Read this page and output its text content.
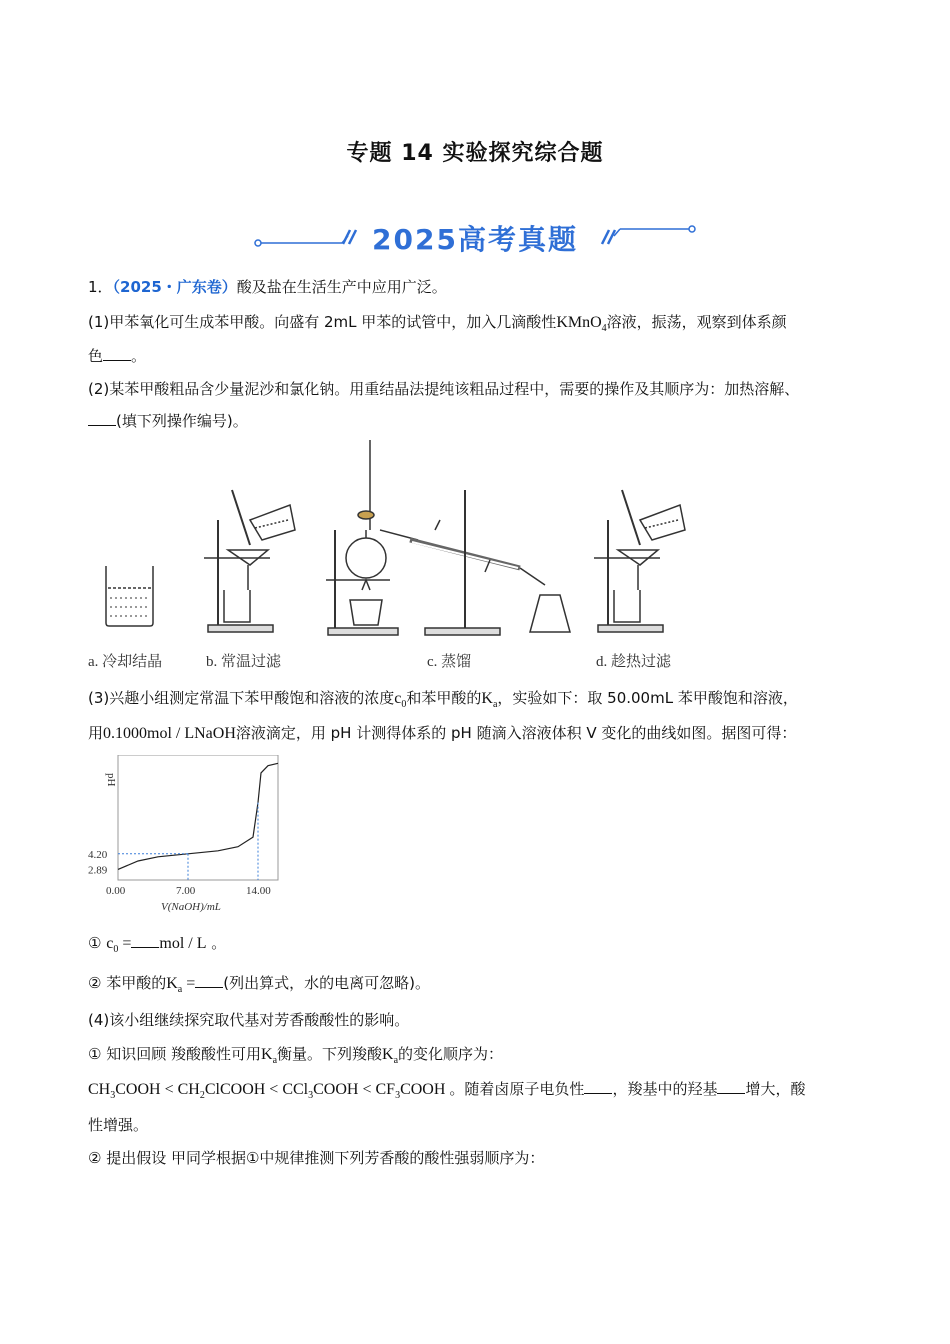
专题 14 实验探究综合题
2025高考真题
1．（2025・广东卷）酸及盐在生活生产中应用广泛。
(1)甲苯氧化可生成苯甲酸。向盛有 2mL 甲苯的试管中，加入几滴酸性KMnO$_4$溶液，振荡，观察到体系颜
色 。
(2)某苯甲酸粗品含少量泥沙和氯化钠。用重结晶法提纯该粗品过程中，需要的操作及其顺序为：加热溶解、
(填下列操作编号)。
a. 冷却结晶	b. 常温过滤	c. 蒸馏	d. 趁热过滤
(3)兴趣小组测定常温下苯甲酸饱和溶液的浓度$c_0$和苯甲酸的$K_a$，实验如下：取 50.00mL 苯甲酸饱和溶液，
用0.1000mol / LNaOH溶液滴定，用 pH 计测得体系的 pH 随滴入溶液体积 V 变化的曲线如图。据图可得：
pH
0.00	7.00	14.00
2.89
4.20
V(NaOH)/mL
① $c_0$ = mol / L 。
② 苯甲酸的$K_a$ = (列出算式，水的电离可忽略)。
(4)该小组继续探究取代基对芳香酸酸性的影响。
① 知识回顾 羧酸酸性可用$K_a$衡量。下列羧酸$K_a$的变化顺序为：
$CH_3COOH$ < $CH_2ClCOOH$ < CCl$_3$COOH < $CF_3COOH$ 。随着卤原子电负性 ，羧基中的羟基 增大，酸
性增强。
② 提出假设 甲同学根据①中规律推测下列芳香酸的酸性强弱顺序为：
